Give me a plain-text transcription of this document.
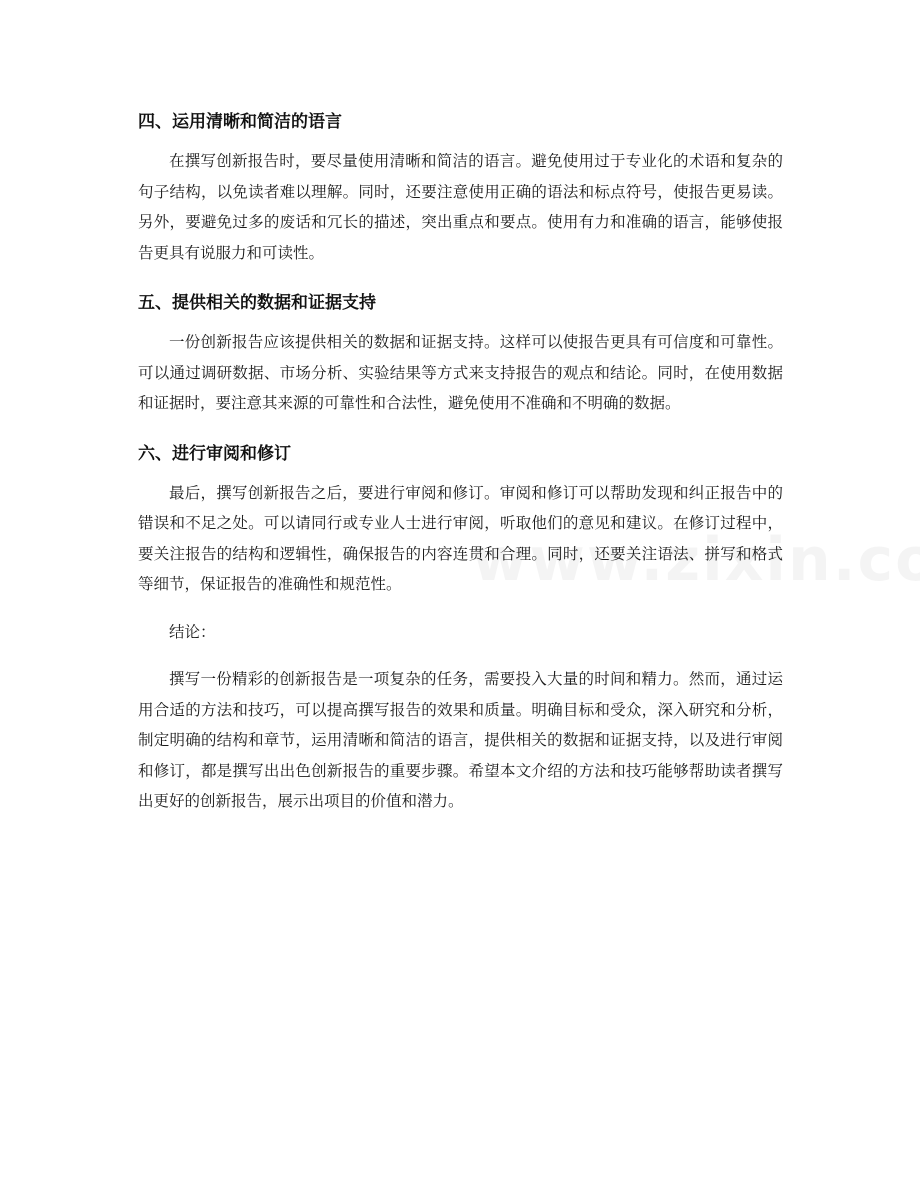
四、运用清晰和简洁的语言

在撰写创新报告时，要尽量使用清晰和简洁的语言。避免使用过于专业化的术语和复杂的句子结构，以免读者难以理解。同时，还要注意使用正确的语法和标点符号，使报告更易读。另外，要避免过多的废话和冗长的描述，突出重点和要点。使用有力和准确的语言，能够使报告更具有说服力和可读性。

五、提供相关的数据和证据支持

一份创新报告应该提供相关的数据和证据支持。这样可以使报告更具有可信度和可靠性。可以通过调研数据、市场分析、实验结果等方式来支持报告的观点和结论。同时，在使用数据和证据时，要注意其来源的可靠性和合法性，避免使用不准确和不明确的数据。

六、进行审阅和修订

最后，撰写创新报告之后，要进行审阅和修订。审阅和修订可以帮助发现和纠正报告中的错误和不足之处。可以请同行或专业人士进行审阅，听取他们的意见和建议。在修订过程中，要关注报告的结构和逻辑性，确保报告的内容连贯和合理。同时，还要关注语法、拼写和格式等细节，保证报告的准确性和规范性。

结论：

撰写一份精彩的创新报告是一项复杂的任务，需要投入大量的时间和精力。然而，通过运用合适的方法和技巧，可以提高撰写报告的效果和质量。明确目标和受众，深入研究和分析，制定明确的结构和章节，运用清晰和简洁的语言，提供相关的数据和证据支持，以及进行审阅和修订，都是撰写出出色创新报告的重要步骤。希望本文介绍的方法和技巧能够帮助读者撰写出更好的创新报告，展示出项目的价值和潜力。
